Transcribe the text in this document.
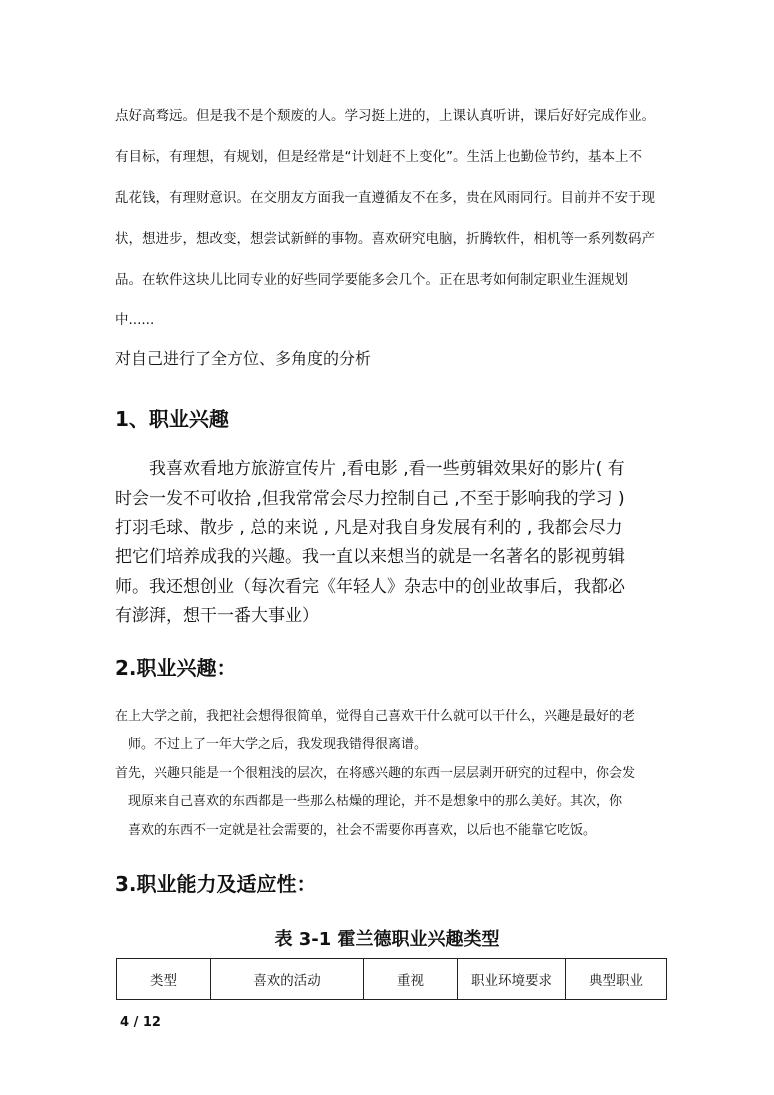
点好高骛远。但是我不是个颓废的人。学习挺上进的，上课认真听讲，课后好好完成作业。

有目标，有理想，有规划，但是经常是“计划赶不上变化”。生活上也勤俭节约，基本上不

乱花钱，有理财意识。在交朋友方面我一直遵循友不在多，贵在风雨同行。目前并不安于现

状，想进步，想改变，想尝试新鲜的事物。喜欢研究电脑，折腾软件，相机等一系列数码产

品。在软件这块儿比同专业的好些同学要能多会几个。正在思考如何制定职业生涯规划

中......

对自己进行了全方位、多角度的分析

1、职业兴趣

　　我喜欢看地方旅游宣传片 ,看电影 ,看一些剪辑效果好的影片( 有

时会一发不可收拾 ,但我常常会尽力控制自己 ,不至于影响我的学习 )

打羽毛球、散步 , 总的来说 , 凡是对我自身发展有利的 , 我都会尽力

把它们培养成我的兴趣。我一直以来想当的就是一名著名的影视剪辑

师。我还想创业（每次看完《年轻人》杂志中的创业故事后，我都必

有澎湃，想干一番大事业）

2.职业兴趣：

在上大学之前，我把社会想得很简单，觉得自己喜欢干什么就可以干什么，兴趣是最好的老

　师。不过上了一年大学之后，我发现我错得很离谱。

首先，兴趣只能是一个很粗浅的层次，在将感兴趣的东西一层层剥开研究的过程中，你会发

　现原来自己喜欢的东西都是一些那么枯燥的理论，并不是想象中的那么美好。其次，你

　喜欢的东西不一定就是社会需要的，社会不需要你再喜欢，以后也不能靠它吃饭。

3.职业能力及适应性：

表 3-1 霍兰德职业兴趣类型

类型	喜欢的活动	重视	职业环境要求	典型职业

4 / 12
